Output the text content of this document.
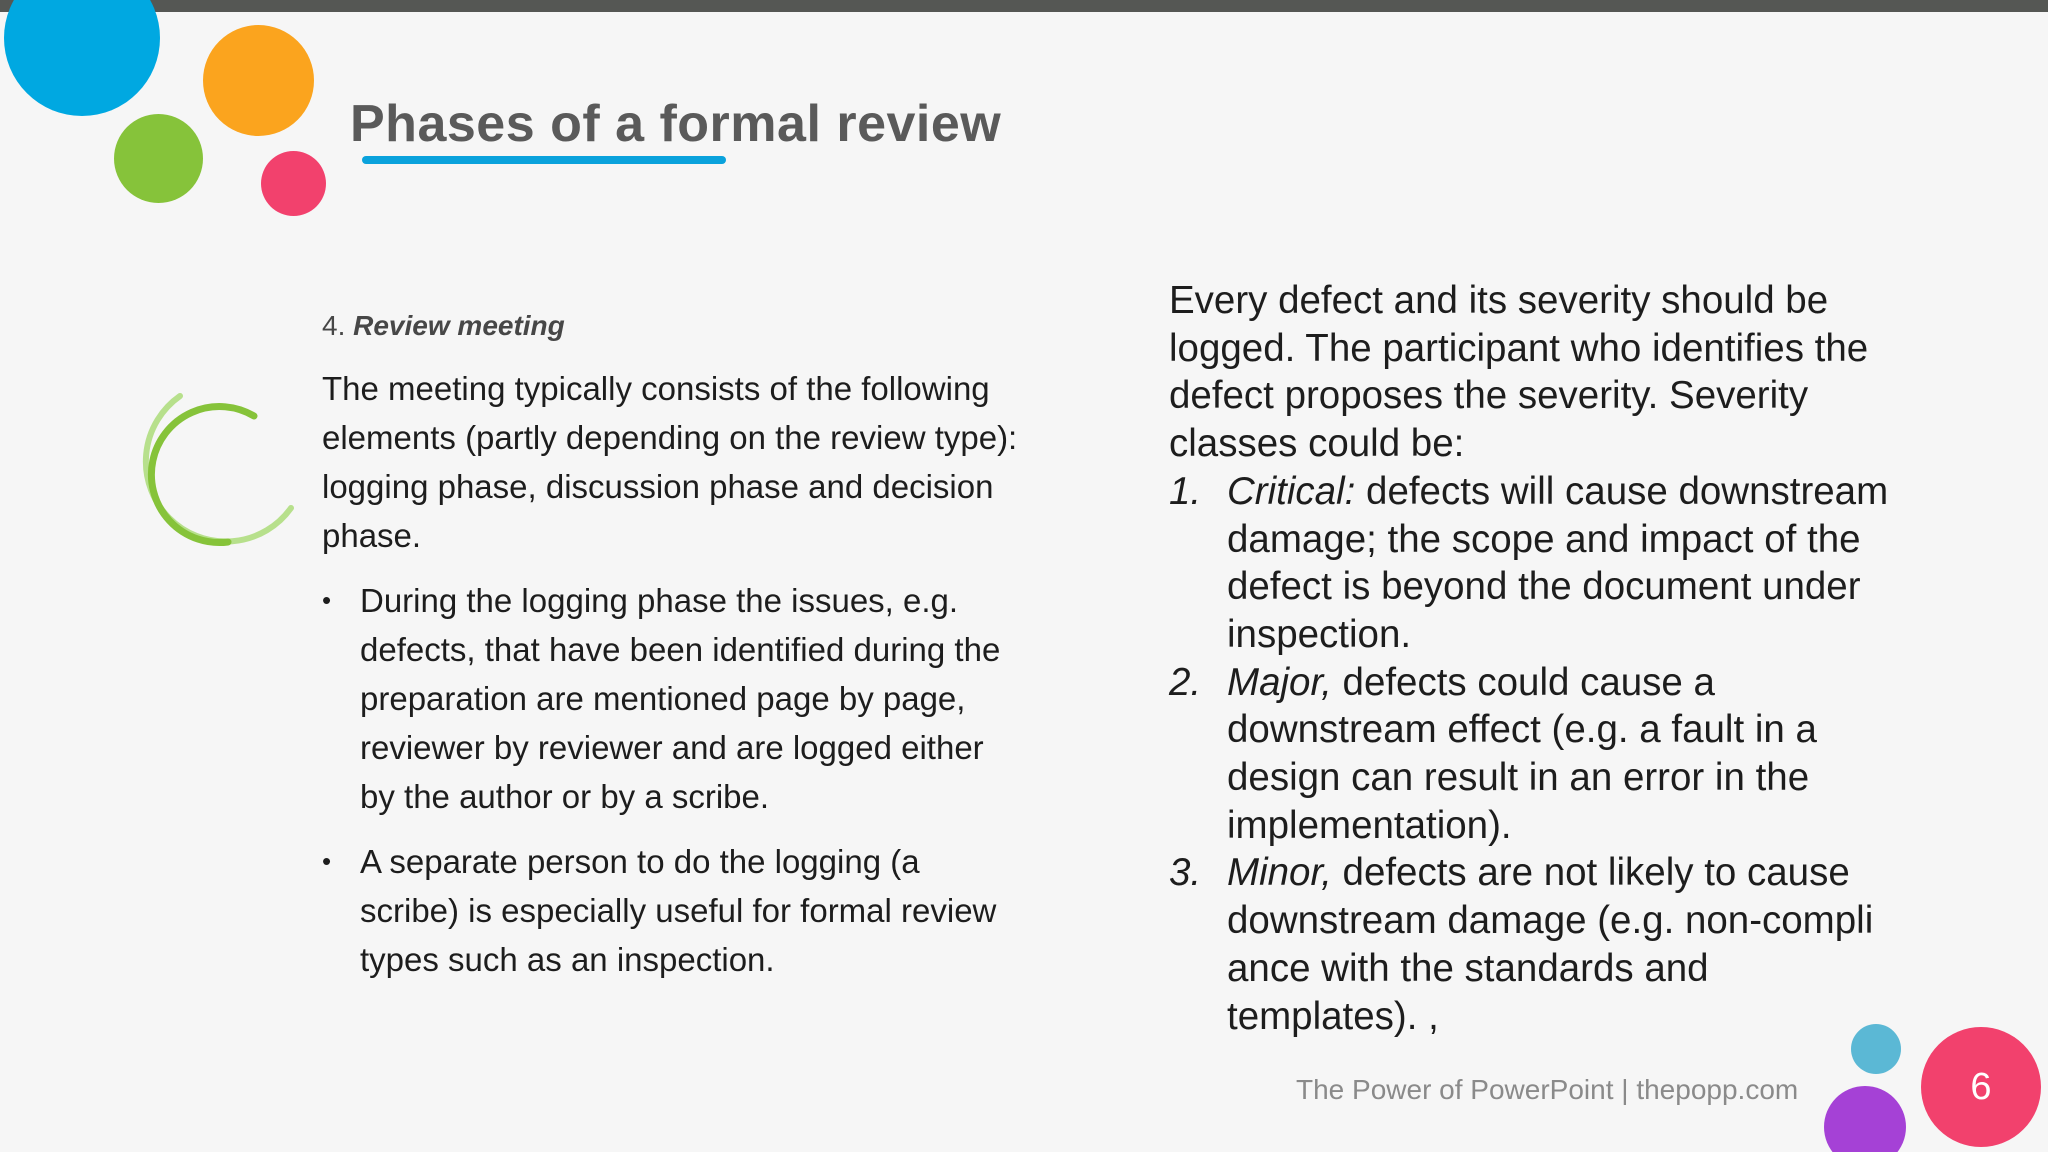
Phases of a formal review
4. Review meeting

The meeting typically consists of the following elements (partly depending on the review type): logging phase, discussion phase and decision phase.

• During the logging phase the issues, e.g. defects, that have been identified during the preparation are mentioned page by page, reviewer by reviewer and are logged either by the author or by a scribe.
• A separate person to do the logging (a scribe) is especially useful for formal review types such as an inspection.

Every defect and its severity should be logged. The participant who identifies the defect proposes the severity. Severity classes could be:

1. Critical: defects will cause downstream damage; the scope and impact of the defect is beyond the document under inspection.
2. Major, defects could cause a downstream effect (e.g. a fault in a design can result in an error in the implementation).
3. Minor, defects are not likely to cause downstream damage (e.g. non-compli ance with the standards and templates). ,
The Power of PowerPoint | thepopp.com	6
